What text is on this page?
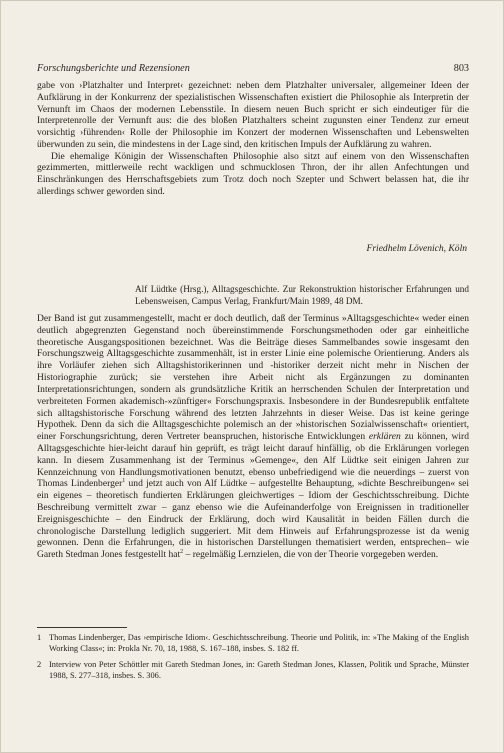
Forschungsberichte und Rezensionen	803

gabe von ›Platzhalter und Interpret‹ gezeichnet: neben dem Platzhalter universaler, allgemeiner Ideen der Aufklärung in der Konkurrenz der spezialistischen Wissenschaften existiert die Philosophie als Interpretin der Vernunft im Chaos der modernen Lebensstile. In diesem neuen Buch spricht er sich eindeutiger für die Interpretenrolle der Vernunft aus: die des bloßen Platzhalters scheint zugunsten einer Tendenz zur erneut vorsichtig ›führenden‹ Rolle der Philosophie im Konzert der modernen Wissenschaften und Lebenswelten überwunden zu sein, die mindestens in der Lage sind, den kritischen Impuls der Aufklärung zu wahren.

Die ehemalige Königin der Wissenschaften Philosophie also sitzt auf einem von den Wissenschaften gezimmerten, mittlerweile recht wackligen und schmucklosen Thron, der ihr allen Anfechtungen und Einschränkungen des Herrschaftsgebiets zum Trotz doch noch Szepter und Schwert belassen hat, die ihr allerdings schwer geworden sind.

Friedhelm Lövenich, Köln
Alf Lüdtke (Hrsg.), Alltagsgeschichte. Zur Rekonstruktion historischer Erfahrungen und Lebensweisen, Campus Verlag, Frankfurt/Main 1989, 48 DM.

Der Band ist gut zusammengestellt, macht er doch deutlich, daß der Terminus »Alltagsgeschichte« weder einen deutlich abgegrenzten Gegenstand noch übereinstimmende Forschungsmethoden oder gar einheitliche theoretische Ausgangspositionen bezeichnet. Was die Beiträge dieses Sammelbandes sowie insgesamt den Forschungszweig Alltagsgeschichte zusammenhält, ist in erster Linie eine polemische Orientierung. Anders als ihre Vorläufer ziehen sich Alltagshistorikerinnen und -historiker derzeit nicht mehr in Nischen der Historiographie zurück; sie verstehen ihre Arbeit nicht als Ergänzungen zu dominanten Interpretationsrichtungen, sondern als grundsätzliche Kritik an herrschenden Schulen der Interpretation und verbreiteten Formen akademisch-»zünftiger« Forschungspraxis. Insbesondere in der Bundesrepublik entfaltete sich alltagshistorische Forschung während des letzten Jahrzehnts in dieser Weise. Das ist keine geringe Hypothek. Denn da sich die Alltagsgeschichte polemisch an der »historischen Sozialwissenschaft« orientiert, einer Forschungsrichtung, deren Vertreter beanspruchen, historische Entwicklungen erklären zu können, wird Alltagsgeschichte hier-leicht darauf hin geprüft, es trägt leicht darauf hinfällig, ob die Erklärungen vorlegen kann. In diesem Zusammenhang ist der Terminus »Gemenge«, den Alf Lüdtke seit einigen Jahren zur Kennzeichnung von Handlungsmotivationen benutzt, ebenso unbefriedigend wie die neuerdings – zuerst von Thomas Lindenberger$^1$ und jetzt auch von Alf Lüdtke – aufgestellte Behauptung, »dichte Beschreibungen« sei ein eigenes – theoretisch fundierten Erklärungen gleichwertiges – Idiom der Geschichtsschreibung. Dichte Beschreibung vermittelt zwar – ganz ebenso wie die Aufeinanderfolge von Ereignissen in traditioneller Ereignisgeschichte – den Eindruck der Erklärung, doch wird Kausalität in beiden Fällen durch die chronologische Darstellung lediglich suggeriert. Mit dem Hinweis auf Erfahrungsprozesse ist da wenig gewonnen. Denn die Erfahrungen, die in historischen Darstellungen thematisiert werden, entsprechen– wie Gareth Stedman Jones festgestellt hat$^2$ – regelmäßig Lernzielen, die von der Theorie vorgegeben werden.

1 Thomas Lindenberger, Das ›empirische Idiom‹. Geschichtsschreibung. Theorie und Politik, in: »The Making of the English Working Class«; in: Prokla Nr. 70, 18, 1988, S. 167–188, insbes. S. 182 ff.
2 Interview von Peter Schöttler mit Gareth Stedman Jones, in: Gareth Stedman Jones, Klassen, Politik und Sprache, Münster 1988, S. 277–318, insbes. S. 306.
